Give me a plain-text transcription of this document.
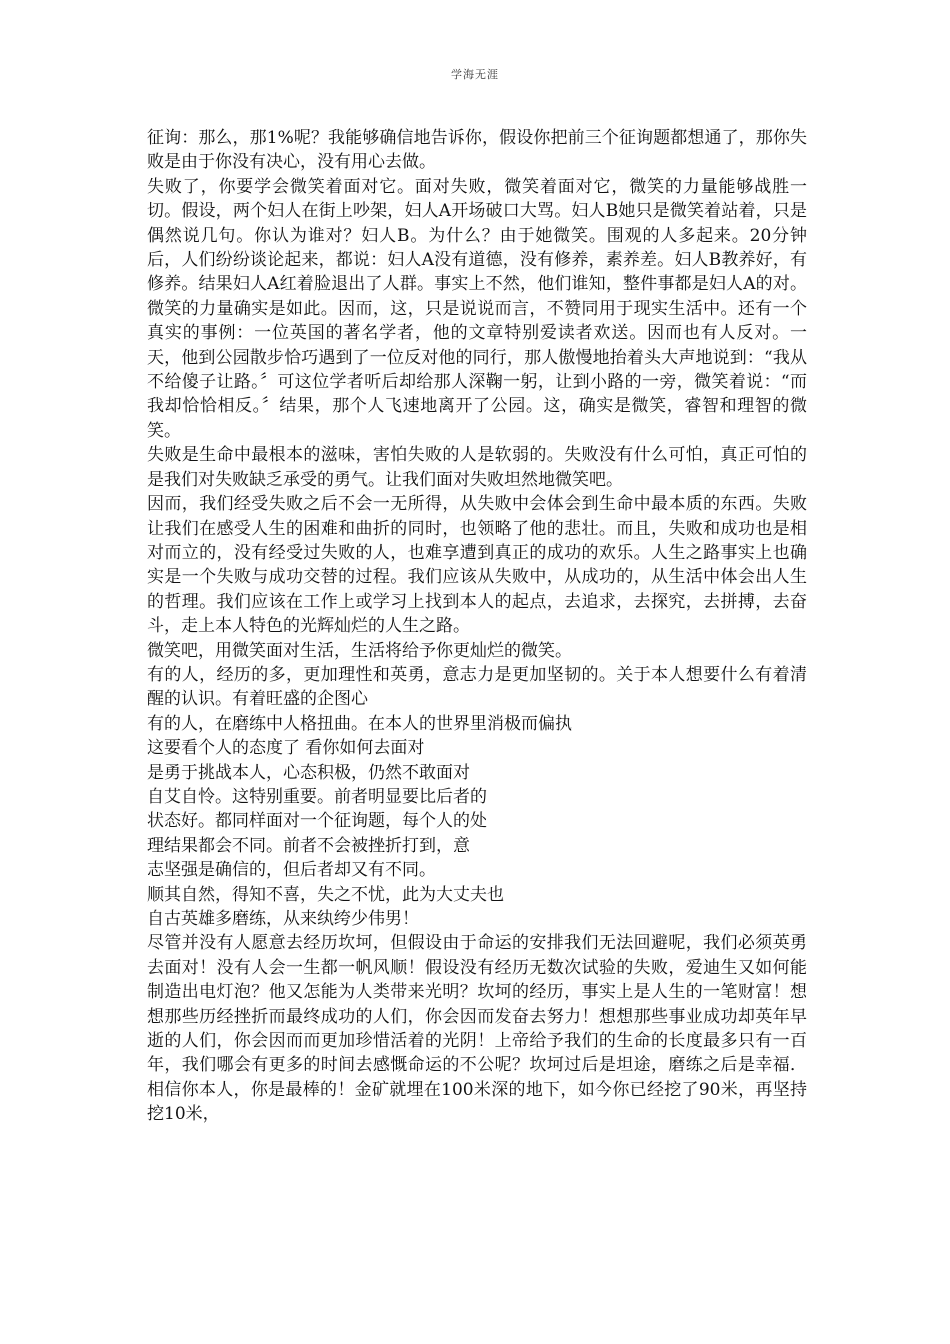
学海无涯

征询：那么，那1%呢？我能够确信地告诉你，假设你把前三个征询题都想通了，那你失败是由于你没有决心，没有用心去做。

失败了，你要学会微笑着面对它。面对失败，微笑着面对它，微笑的力量能够战胜一切。假设，两个妇人在街上吵架，妇人A开场破口大骂。妇人B她只是微笑着站着，只是偶然说几句。你认为谁对？妇人B。为什么？由于她微笑。围观的人多起来。20分钟后，人们纷纷谈论起来，都说：妇人A没有道德，没有修养，素养差。妇人B教养好，有修养。结果妇人A红着脸退出了人群。事实上不然，他们谁知，整件事都是妇人A的对。微笑的力量确实是如此。因而，这，只是说说而言，不赞同用于现实生活中。还有一个真实的事例：一位英国的著名学者，他的文章特别爱读者欢送。因而也有人反对。一天，他到公园散步恰巧遇到了一位反对他的同行，那人傲慢地抬着头大声地说到：“我从不给傻子让路。〞可这位学者听后却给那人深鞠一躬，让到小路的一旁，微笑着说：“而我却恰恰相反。〞结果，那个人飞速地离开了公园。这，确实是微笑，睿智和理智的微笑。

失败是生命中最根本的滋味，害怕失败的人是软弱的。失败没有什么可怕，真正可怕的是我们对失败缺乏承受的勇气。让我们面对失败坦然地微笑吧。

因而，我们经受失败之后不会一无所得，从失败中会体会到生命中最本质的东西。失败让我们在感受人生的困难和曲折的同时，也领略了他的悲壮。而且，失败和成功也是相对而立的，没有经受过失败的人，也难享遭到真正的成功的欢乐。人生之路事实上也确实是一个失败与成功交替的过程。我们应该从失败中，从成功的，从生活中体会出人生的哲理。我们应该在工作上或学习上找到本人的起点，去追求，去探究，去拼搏，去奋斗，走上本人特色的光辉灿烂的人生之路。

微笑吧，用微笑面对生活，生活将给予你更灿烂的微笑。

有的人，经历的多，更加理性和英勇，意志力是更加坚韧的。关于本人想要什么有着清醒的认识。有着旺盛的企图心

有的人，在磨练中人格扭曲。在本人的世界里消极而偏执

这要看个人的态度了 看你如何去面对

是勇于挑战本人，心态积极，仍然不敢面对

自艾自怜。这特别重要。前者明显要比后者的

状态好。都同样面对一个征询题，每个人的处

理结果都会不同。前者不会被挫折打到，意

志坚强是确信的，但后者却又有不同。

顺其自然，得知不喜，失之不忧，此为大丈夫也

自古英雄多磨练，从来纨绔少伟男！

尽管并没有人愿意去经历坎坷，但假设由于命运的安排我们无法回避呢，我们必须英勇去面对！没有人会一生都一帆风顺！假设没有经历无数次试验的失败，爱迪生又如何能制造出电灯泡？他又怎能为人类带来光明？坎坷的经历，事实上是人生的一笔财富！想想那些历经挫折而最终成功的人们，你会因而发奋去努力！想想那些事业成功却英年早逝的人们，你会因而而更加珍惜活着的光阴！上帝给予我们的生命的长度最多只有一百年，我们哪会有更多的时间去感慨命运的不公呢？坎坷过后是坦途，磨练之后是幸福．相信你本人，你是最棒的！金矿就埋在100米深的地下，如今你已经挖了90米，再坚持挖10米，
